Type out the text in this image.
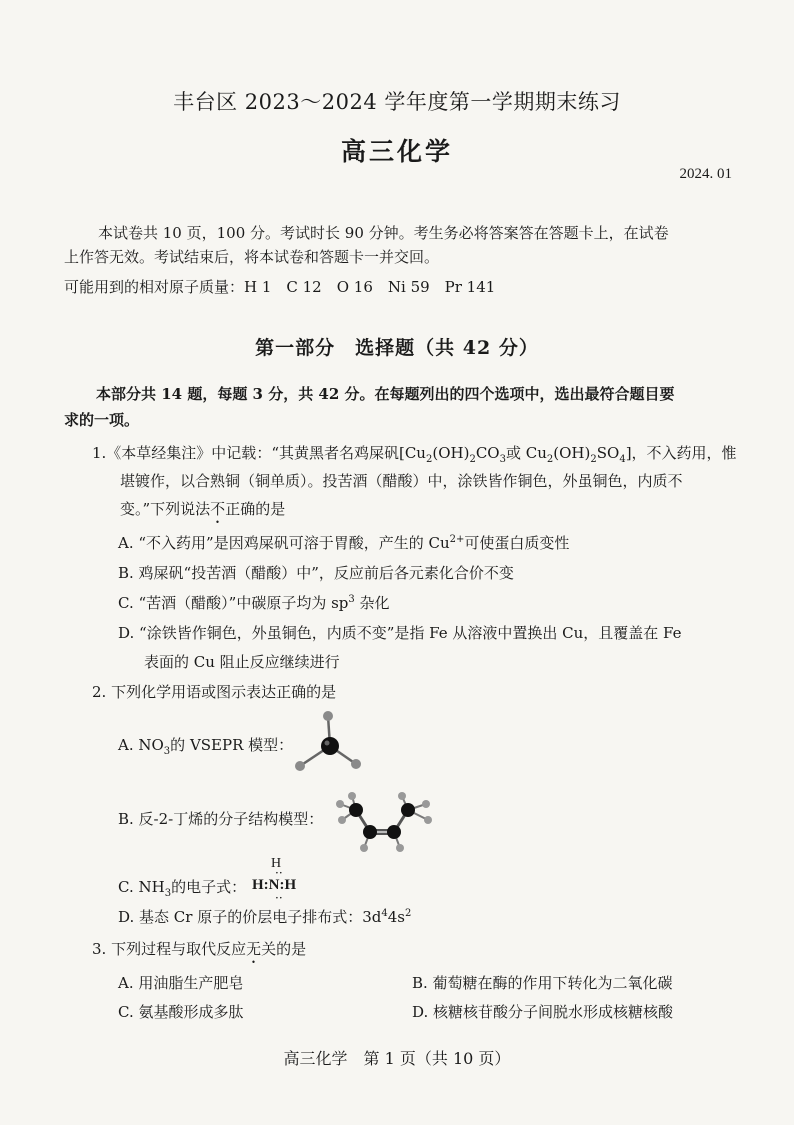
丰台区 2023～2024 学年度第一学期期末练习
高三化学
2024. 01
本试卷共 10 页，100 分。考试时长 90 分钟。考生务必将答案答在答题卡上，在试卷
上作答无效。考试结束后，将本试卷和答题卡一并交回。
可能用到的相对原子质量：H 1　C 12　O 16　Ni 59　Pr 141
第一部分　选择题（共 42 分）
本部分共 14 题，每题 3 分，共 42 分。在每题列出的四个选项中，选出最符合题目要
求的一项。
1.《本草经集注》中记载：“其黄黑者名鸡屎矾[$Cu_2(OH)_2CO_3$或 $Cu_2(OH)_2SO_4$]，不入药用，惟
堪镀作，以合熟铜（铜单质）。投苦酒（醋酸）中，涂铁皆作铜色，外虽铜色，内质不
变。”下列说法不正确的是
A. “不入药用”是因鸡屎矾可溶于胃酸，产生的 $Cu^{2+}$可使蛋白质变性
B. 鸡屎矾“投苦酒（醋酸）中”，反应前后各元素化合价不变
C. “苦酒（醋酸）”中碳原子均为 $sp^3$ 杂化
D. “涂铁皆作铜色，外虽铜色，内质不变”是指 Fe 从溶液中置换出 Cu，且覆盖在 Fe
表面的 Cu 阻止反应继续进行
2. 下列化学用语或图示表达正确的是
A. $NO_3$的 VSEPR 模型：
B. 反-2-丁烯的分子结构模型：
C. $NH_3$的电子式：
H
··
H:N:H
··
D. 基态 Cr 原子的价层电子排布式：$3d^44s^2$
3. 下列过程与取代反应无关的是
A. 用油脂生产肥皂	B. 葡萄糖在酶的作用下转化为二氧化碳
C. 氨基酸形成多肽	D. 核糖核苷酸分子间脱水形成核糖核酸
高三化学　第 1 页（共 10 页）
